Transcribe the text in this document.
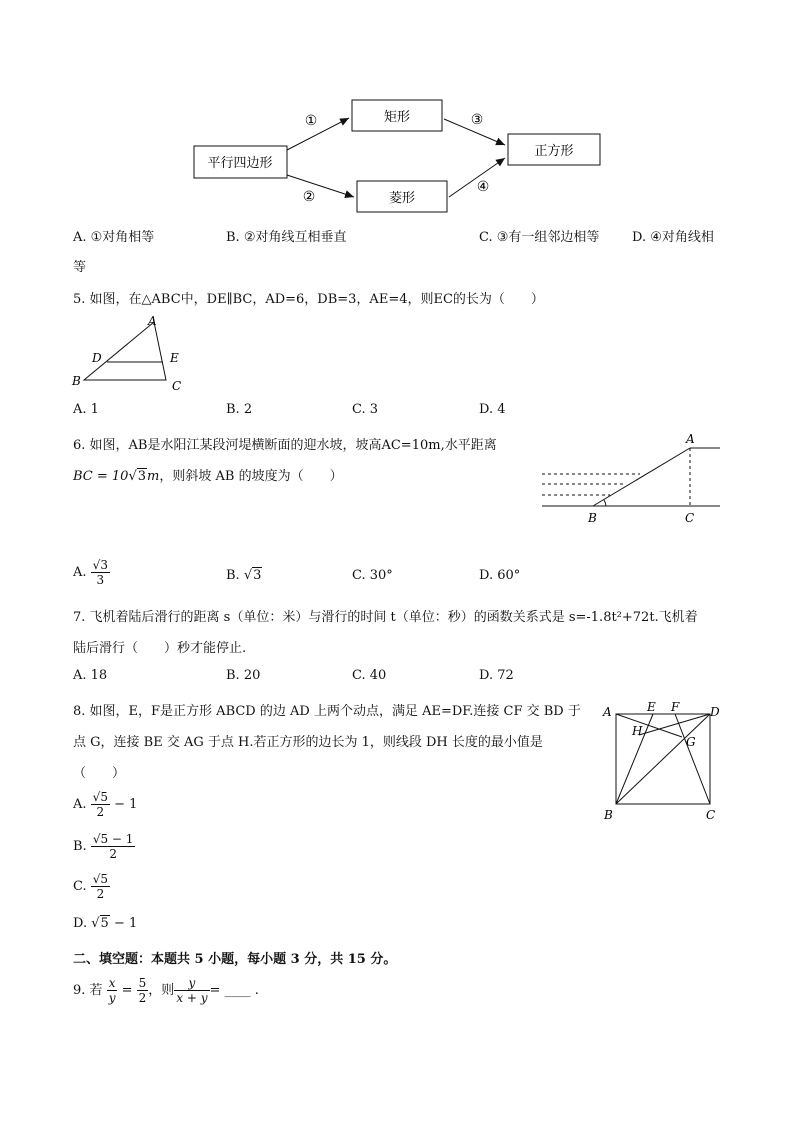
平行四边形
矩形
菱形
正方形
①
②
③
④
A. ①对角相等	B. ②对角线互相垂直	C. ③有一组邻边相等	D. ④对角线相
等
5. 如图，在△ABC中，DE∥BC，AD=6，DB=3，AE=4，则EC的长为（　　）
A
D	E
B	C
A. 1	B. 2	C. 3	D. 4
6. 如图，AB是水阳江某段河堤横断面的迎水坡，坡高AC=10m,水平距离
BC = 10√3m，则斜坡 AB 的坡度为（　　）
A
B	C
A. $\frac{√3}{3}$	B. √3	C. 30°	D. 60°
7. 飞机着陆后滑行的距离 s（单位：米）与滑行的时间 t（单位：秒）的函数关系式是 s=-1.8t²+72t.飞机着
陆后滑行（　　）秒才能停止.
A. 18	B. 20	C. 40	D. 72
8. 如图，E，F是正方形 ABCD 的边 AD 上两个动点，满足 AE=DF.连接 CF 交 BD 于
点 G，连接 BE 交 AG 于点 H.若正方形的边长为 1，则线段 DH 长度的最小值是
（　　）
A	E F	D
H
G
B	C
A. $\frac{√5}{2} - 1$
B. $\frac{√5 - 1}{2}$
C. $\frac{√5}{2}$
D. √5 − 1
二、填空题：本题共 5 小题，每小题 3 分，共 15 分。
9. 若 $\frac{x}{y} = \frac{5}{2}$ ，则 $\frac{y}{x + y}$ = ____ .
